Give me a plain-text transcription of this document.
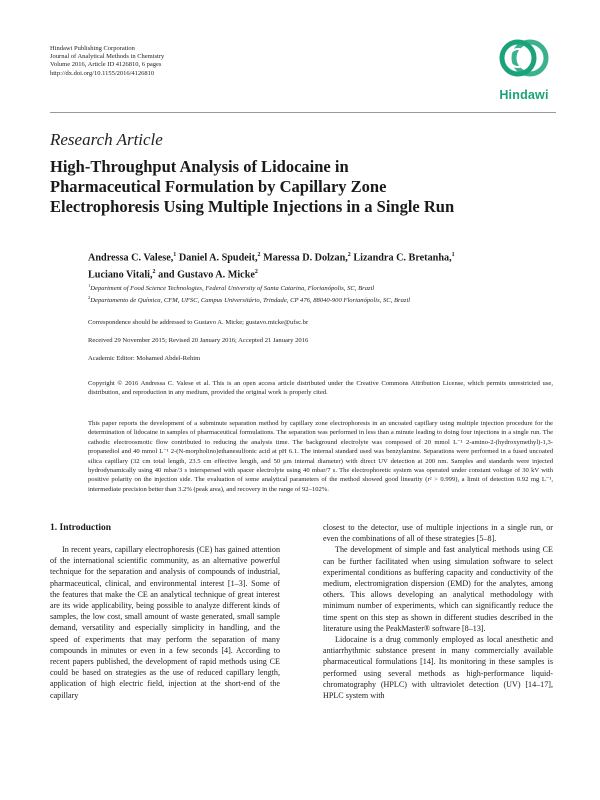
Hindawi Publishing Corporation
Journal of Analytical Methods in Chemistry
Volume 2016, Article ID 4126810, 6 pages
http://dx.doi.org/10.1155/2016/4126810
Hindawi
Research Article
High-Throughput Analysis of Lidocaine in
Pharmaceutical Formulation by Capillary Zone
Electrophoresis Using Multiple Injections in a Single Run
Andressa C. Valese,$^1$ Daniel A. Spudeit,$^2$ Maressa D. Dolzan,$^2$ Lizandra C. Bretanha,$^1$
Luciano Vitali,$^2$ and Gustavo A. Micke$^2$
$^1$Department of Food Science Technologies, Federal University of Santa Catarina, Florianópolis, SC, Brazil
$^2$Departamento de Química, CFM, UFSC, Campus Universitário, Trindade, CP 476, 88040-900 Florianópolis, SC, Brazil
Correspondence should be addressed to Gustavo A. Micke; gustavo.micke@ufsc.br
Received 29 November 2015; Revised 20 January 2016; Accepted 21 January 2016
Academic Editor: Mohamed Abdel-Rehim
Copyright © 2016 Andressa C. Valese et al. This is an open access article distributed under the Creative Commons Attribution License, which permits unrestricted use, distribution, and reproduction in any medium, provided the original work is properly cited.
This paper reports the development of a subminute separation method by capillary zone electrophoresis in an uncoated capillary using multiple injection procedure for the determination of lidocaine in samples of pharmaceutical formulations. The separation was performed in less than a minute leading to doing four injections in a single run. The cathodic electroosmotic flow contributed to reducing the analysis time. The background electrolyte was composed of 20 mmol L⁻¹ 2-amino-2-(hydroxymethyl)-1,3-propanediol and 40 mmol L⁻¹ 2-(N-morpholino)ethanesulfonic acid at pH 6.1. The internal standard used was benzylamine. Separations were performed in a fused uncoated silica capillary (32 cm total length, 23.5 cm effective length, and 50 μm internal diameter) with direct UV detection at 200 nm. Samples and standards were injected hydrodynamically using 40 mbar/3 s interspersed with spacer electrolyte using 40 mbar/7 s. The electrophoretic system was operated under constant voltage of 30 kV with positive polarity on the injection side. The evaluation of some analytical parameters of the method showed good linearity (r² > 0.999), a limit of detection 0.92 mg L⁻¹, intermediate precision better than 3.2% (peak area), and recovery in the range of 92–102%.
1. Introduction

In recent years, capillary electrophoresis (CE) has gained attention of the international scientific community, as an alternative powerful technique for the separation and analysis of compounds of industrial, pharmaceutical, clinical, and environmental interest [1–3]. Some of the features that make the CE an analytical technique of great interest are its wide applicability, being possible to analyze different kinds of samples, the low cost, small amount of waste generated, small sample demand, versatility and especially simplicity in handling, and the speed of experiments that may perform the separation of many compounds in minutes or even in a few seconds [4]. According to recent papers published, the development of rapid methods using CE could be based on strategies as the use of reduced capillary length, application of high electric field, injection at the short-end of the capillary

closest to the detector, use of multiple injections in a single run, or even the combinations of all of these strategies [5–8].

The development of simple and fast analytical methods using CE can be further facilitated when using simulation software to select experimental conditions as buffering capacity and conductivity of the medium, electromigration dispersion (EMD) for the analytes, among others. This allows developing an analytical methodology with minimum number of experiments, which can significantly reduce the time spent on this step as shown in different studies described in the literature using the PeakMaster® software [8–13].

Lidocaine is a drug commonly employed as local anesthetic and antiarrhythmic substance present in many commercially available pharmaceutical formulations [14]. Its monitoring in these samples is performed using several methods as high-performance liquid-chromatography (HPLC) with ultraviolet detection (UV) [14–17], HPLC system with
